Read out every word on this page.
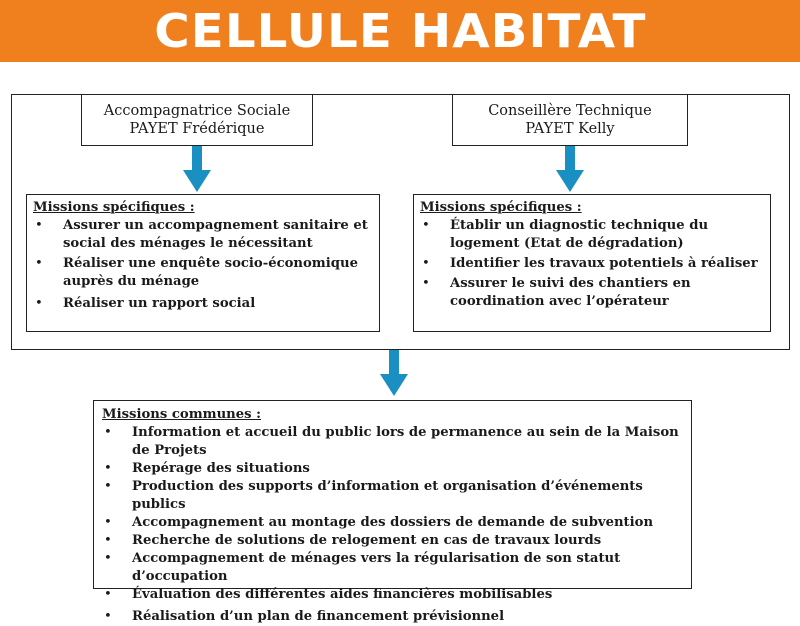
CELLULE HABITAT
Accompagnatrice Sociale
PAYET Frédérique
Conseillère Technique
PAYET Kelly
Missions spécifiques :
• Assurer un accompagnement sanitaire et social des ménages le nécessitant
• Réaliser une enquête socio-économique auprès du ménage
• Réaliser un rapport social
Missions spécifiques :
• Établir un diagnostic technique du logement (Etat de dégradation)
• Identifier les travaux potentiels à réaliser
• Assurer le suivi des chantiers en coordination avec l’opérateur
Missions communes :
• Information et accueil du public lors de permanence au sein de la Maison de Projets
• Repérage des situations
• Production des supports d’information et organisation d’événements publics
• Accompagnement au montage des dossiers de demande de subvention
• Recherche de solutions de relogement en cas de travaux lourds
• Accompagnement de ménages vers la régularisation de son statut d’occupation
• Évaluation des différentes aides financières mobilisables
• Réalisation d’un plan de financement prévisionnel
